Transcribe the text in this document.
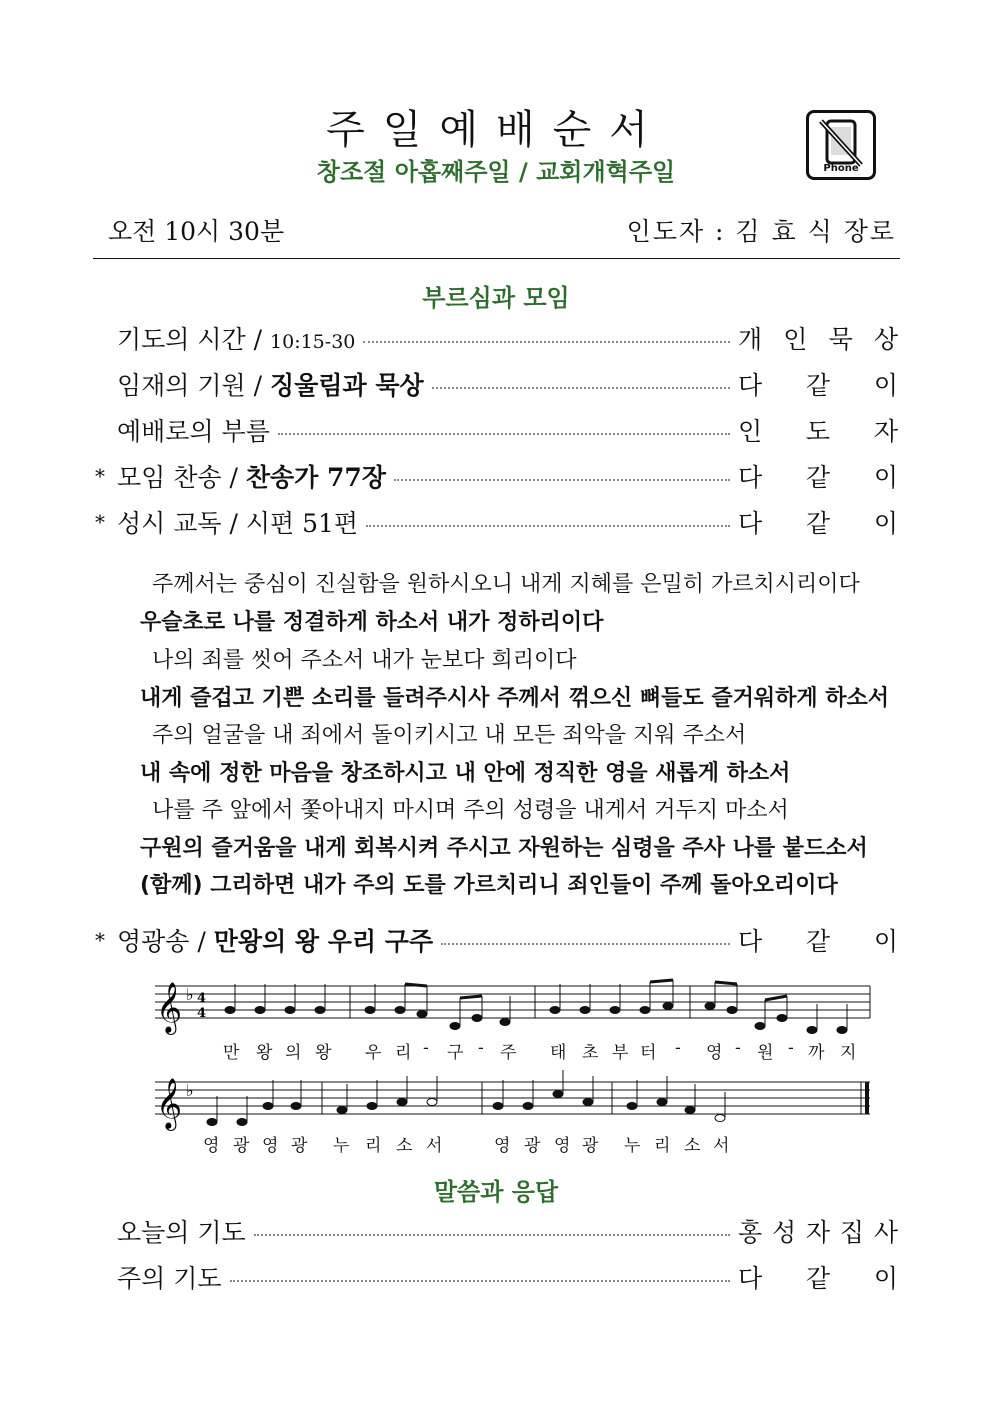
주일예배순서
창조절 아홉째주일 / 교회개혁주일	Phone
오전 10시 30분	인도자 : 김 효 식 장로
부르심과 모임
기도의 시간 / 10:15-30	개 인 묵 상
임재의 기원 / 징울림과 묵상	다 같 이
예배로의 부름	인 도 자
* 모임 찬송 / 찬송가 77장	다 같 이
* 성시 교독 / 시편 51편	다 같 이
주께서는 중심이 진실함을 원하시오니 내게 지혜를 은밀히 가르치시리이다
우슬초로 나를 정결하게 하소서 내가 정하리이다
나의 죄를 씻어 주소서 내가 눈보다 희리이다
내게 즐겁고 기쁜 소리를 들려주시사 주께서 꺾으신 뼈들도 즐거워하게 하소서
주의 얼굴을 내 죄에서 돌이키시고 내 모든 죄악을 지워 주소서
내 속에 정한 마음을 창조하시고 내 안에 정직한 영을 새롭게 하소서
나를 주 앞에서 쫓아내지 마시며 주의 성령을 내게서 거두지 마소서
구원의 즐거움을 내게 회복시켜 주시고 자원하는 심령을 주사 나를 붙드소서
(함께) 그리하면 내가 주의 도를 가르치리니 죄인들이 주께 돌아오리이다
* 영광송 / 만왕의 왕 우리 구주	다 같 이
𝄞 ♭ 4
4
𝄞 ♭
만 왕 의 왕 우 리 - 구 - 주 태 초 부 터 - 영 - 원 - 까 지
영 광 영 광 누 리 소 서	영 광 영 광 누 리 소 서
말씀과 응답
오늘의 기도	홍 성 자 집 사
주의 기도	다 같 이
